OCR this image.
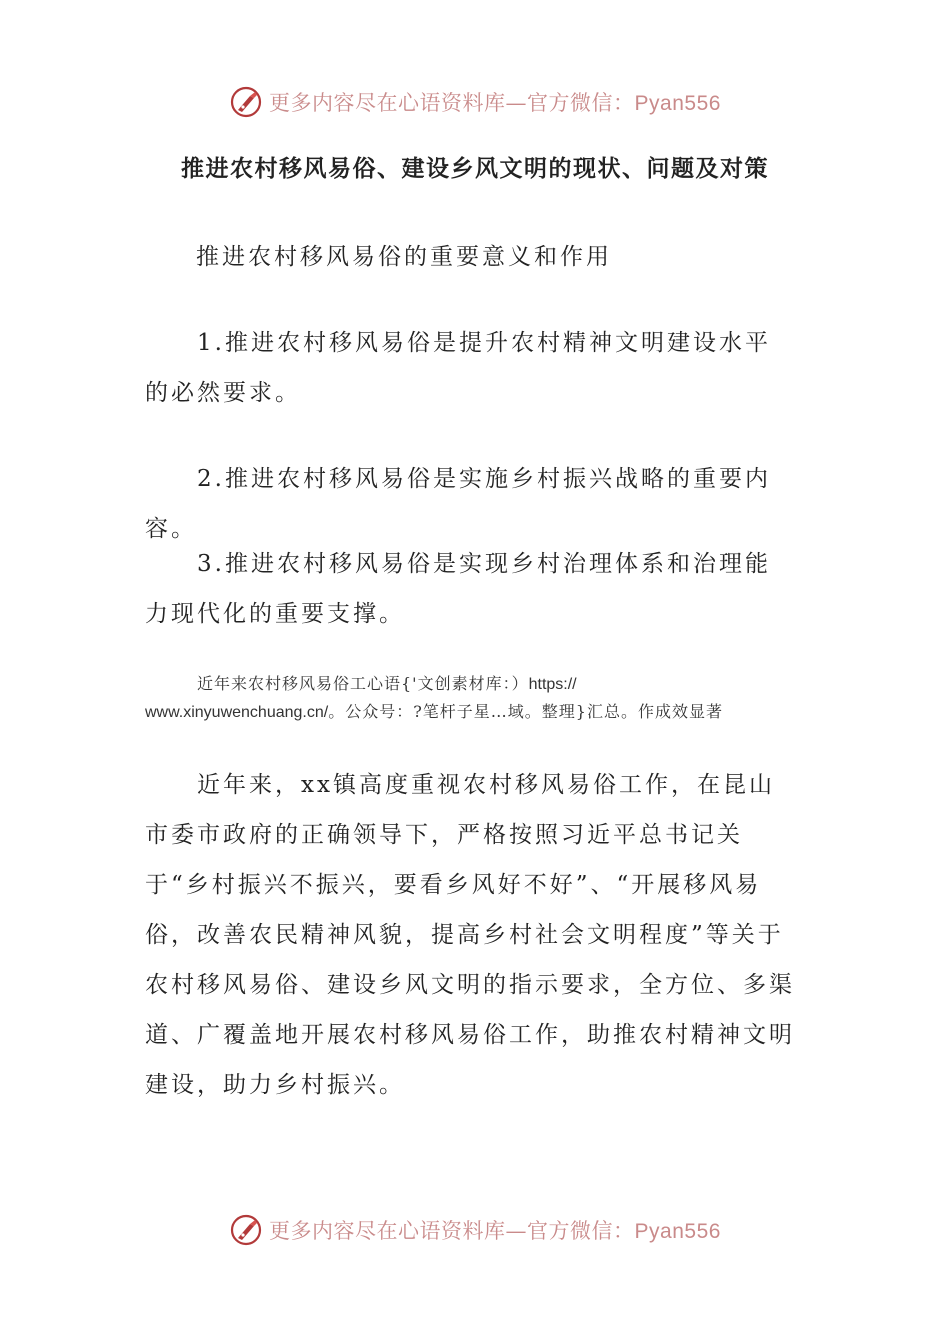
更多内容尽在心语资料库—官方微信：Pyan556
推进农村移风易俗、建设乡风文明的现状、问题及对策
推进农村移风易俗的重要意义和作用
1.推进农村移风易俗是提升农村精神文明建设水平的必然要求。
2.推进农村移风易俗是实施乡村振兴战略的重要内容。
3.推进农村移风易俗是实现乡村治理体系和治理能力现代化的重要支撑。
近年来农村移风易俗工心语{'文创素材库：）https://
www.xinyuwenchuang.cn/。公众号：?笔杆子星…域。整理}汇总。作成效显著
近年来，xx镇高度重视农村移风易俗工作，在昆山市委市政府的正确领导下，严格按照习近平总书记关于“乡村振兴不振兴，要看乡风好不好”、“开展移风易俗，改善农民精神风貌，提高乡村社会文明程度”等关于农村移风易俗、建设乡风文明的指示要求，全方位、多渠道、广覆盖地开展农村移风易俗工作，助推农村精神文明建设，助力乡村振兴。
更多内容尽在心语资料库—官方微信：Pyan556
